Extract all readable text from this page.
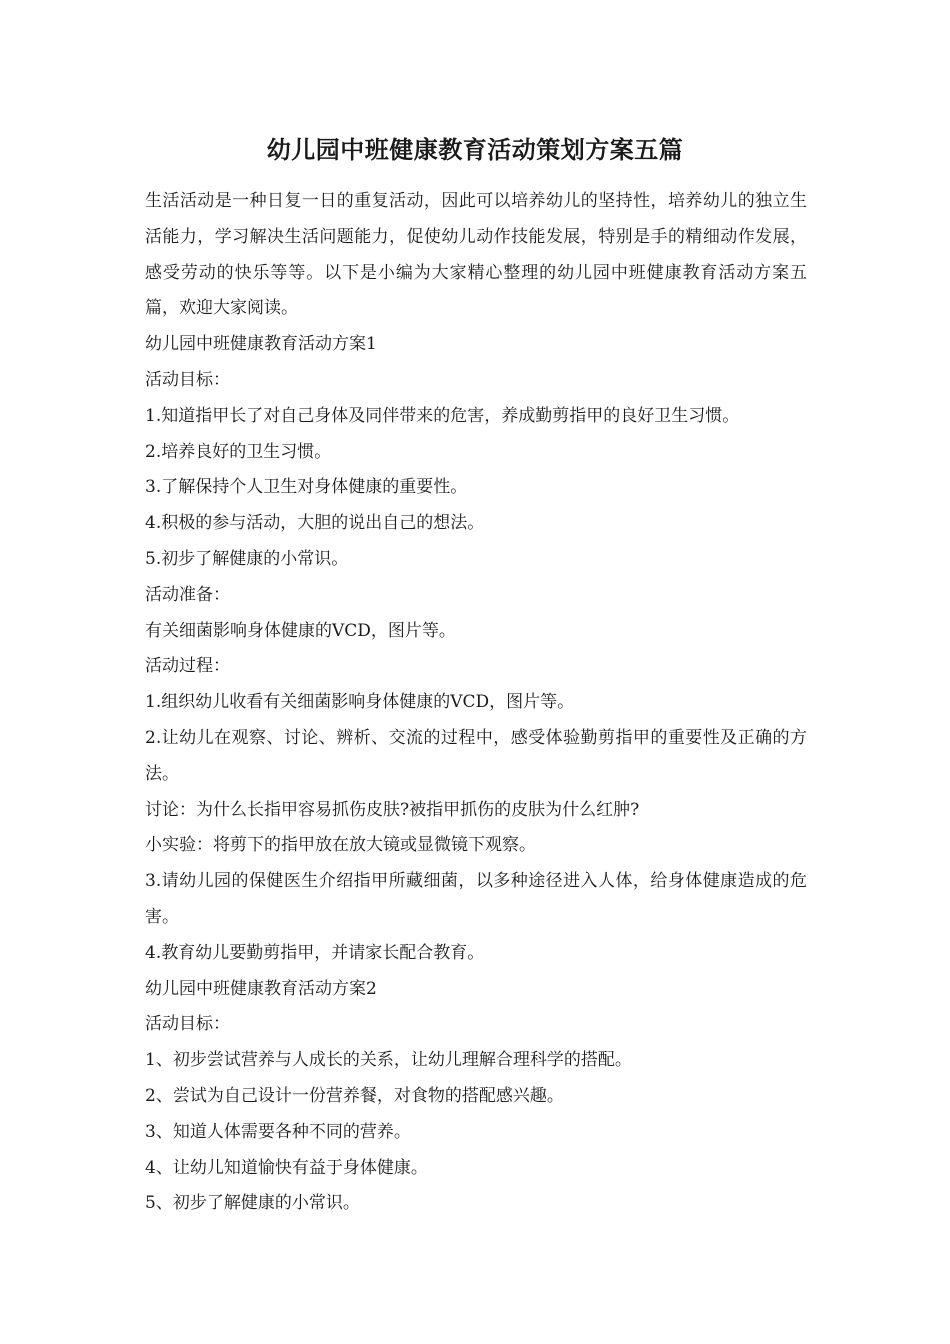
幼儿园中班健康教育活动策划方案五篇

生活活动是一种日复一日的重复活动，因此可以培养幼儿的坚持性，培养幼儿的独立生活能力，学习解决生活问题能力，促使幼儿动作技能发展，特别是手的精细动作发展，感受劳动的快乐等等。以下是小编为大家精心整理的幼儿园中班健康教育活动方案五篇，欢迎大家阅读。

幼儿园中班健康教育活动方案1

活动目标：

1.知道指甲长了对自己身体及同伴带来的危害，养成勤剪指甲的良好卫生习惯。

2.培养良好的卫生习惯。

3.了解保持个人卫生对身体健康的重要性。

4.积极的参与活动，大胆的说出自己的想法。

5.初步了解健康的小常识。

活动准备：

有关细菌影响身体健康的VCD，图片等。

活动过程：

1.组织幼儿收看有关细菌影响身体健康的VCD，图片等。

2.让幼儿在观察、讨论、辨析、交流的过程中，感受体验勤剪指甲的重要性及正确的方法。

讨论：为什么长指甲容易抓伤皮肤?被指甲抓伤的皮肤为什么红肿?

小实验：将剪下的指甲放在放大镜或显微镜下观察。

3.请幼儿园的保健医生介绍指甲所藏细菌，以多种途径进入人体，给身体健康造成的危害。

4.教育幼儿要勤剪指甲，并请家长配合教育。

幼儿园中班健康教育活动方案2

活动目标：

1、初步尝试营养与人成长的关系，让幼儿理解合理科学的搭配。

2、尝试为自己设计一份营养餐，对食物的搭配感兴趣。

3、知道人体需要各种不同的营养。

4、让幼儿知道愉快有益于身体健康。

5、初步了解健康的小常识。
